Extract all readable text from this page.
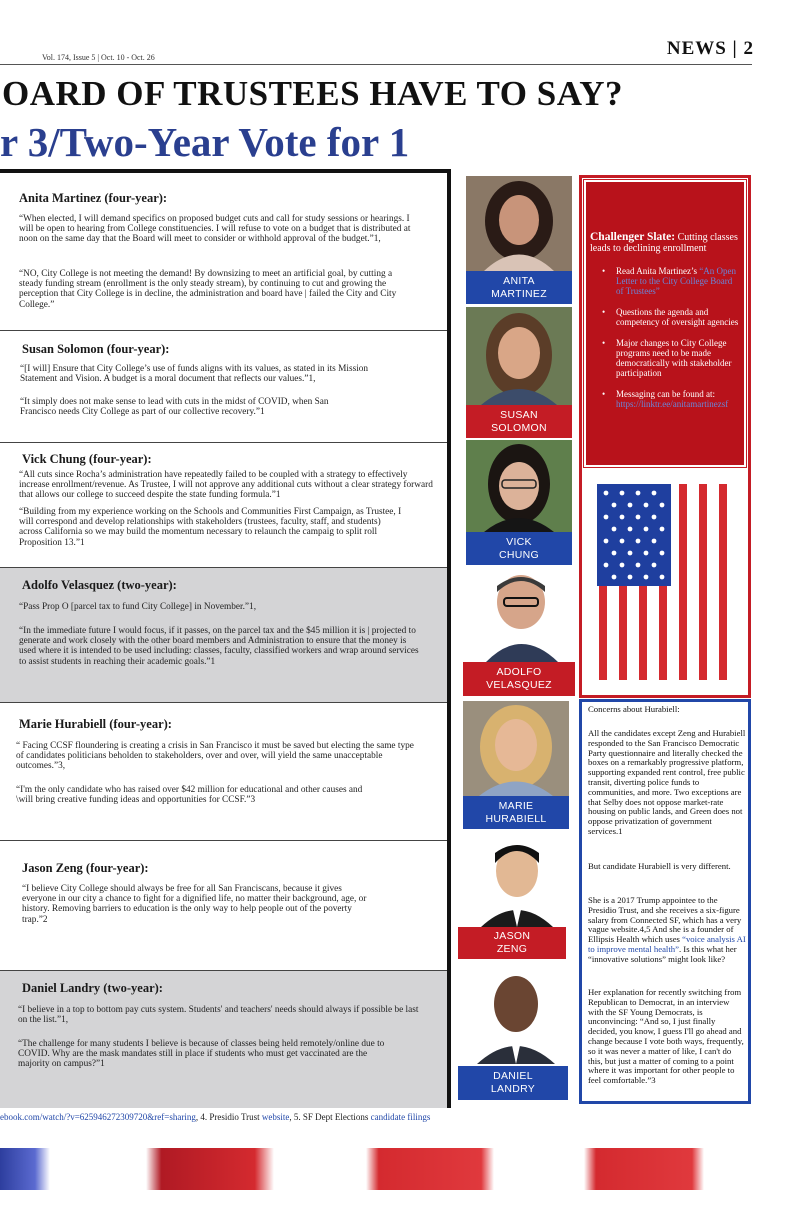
Vol. 174, Issue 5 | Oct. 10 - Oct. 26	NEWS | 2
OARD OF TRUSTEES HAVE TO SAY?
r 3/Two-Year Vote for 1
Anita Martinez (four-year):

“When elected, I will demand specifics on proposed budget cuts and call for study sessions or hearings. I will be open to hearing from College constituencies. I will refuse to vote on a budget that is distributed at noon on the same day that the Board will meet to consider or withhold approval of the budget.”1,

“NO, City College is not meeting the demand! By downsizing to meet an artificial goal, by cutting a steady funding stream (enrollment is the only steady stream), by continuing to cut and growing the perception that City College is in decline, the administration and board have | failed the City and City College.”

Susan Solomon (four-year):

“[I will] Ensure that City College’s use of funds aligns with its values, as stated in its Mission Statement and Vision. A budget is a moral document that reflects our values.”1,

“It simply does not make sense to lead with cuts in the midst of COVID, when San Francisco needs City College as part of our collective recovery.”1

Vick Chung (four-year):

“All cuts since Rocha’s administration have repeatedly failed to be coupled with a strategy to effectively increase enrollment/revenue. As Trustee, I will not approve any additional cuts without a clear strategy forward that allows our college to succeed despite the state funding formula.”1

“Building from my experience working on the Schools and Communities First Campaign, as Trustee, I will correspond and develop relationships with stakeholders (trustees, faculty, staff, and students) across California so we may build the momentum necessary to relaunch the campaig to split roll Proposition 13.”1

Adolfo Velasquez (two-year):

“Pass Prop O [parcel tax to fund City College] in November.”1,

“In the immediate future I would focus, if it passes, on the parcel tax and the $45 million it is | projected to generate and work closely with the other board members and Administration to ensure that the money is used where it is intended to be used including: classes, faculty, classified workers and wrap around services to assist students in reaching their academic goals.”1

Marie Hurabiell (four-year):

“ Facing CCSF floundering is creating a crisis in San Francisco it must be saved but electing the same type of candidates politicians beholden to stakeholders, over and over, will yield the same unacceptable outcomes.”3,

“I'm the only candidate who has raised over $42 million for educational and other causes and \will bring creative funding ideas and opportunities for CCSF.”3

Jason Zeng (four-year):

“I believe City College should always be free for all San Franciscans, because it gives everyone in our city a chance to fight for a dignified life, no matter their background, age, or history. Removing barriers to education is the only way to help people out of the poverty trap.”2

Daniel Landry (two-year):

“I believe in a top to bottom pay cuts system. Students' and teachers' needs should always if possible be last on the list.”1,

“The challenge for many students I believe is because of classes being held remotely/online due to COVID. Why are the mask mandates still in place if students who must get vaccinated are the majority on campus?”1

ANITA
MARTINEZ
SUSAN
SOLOMON
VICK
CHUNG
ADOLFO
VELASQUEZ
MARIE
HURABIELL
JASON
ZENG
DANIEL
LANDRY
Challenger Slate: Cutting classes leads to declining enrollment
• Read Anita Martinez’s “An Open Letter to the City College Board of Trustees”
• Questions the agenda and competency of oversight agencies
• Major changes to City College programs need to be made democratically with stakeholder participation
• Messaging can be found at: https://linktr.ee/anitamartinezsf

Concerns about Hurabiell:

All the candidates except Zeng and Hurabiell responded to the San Francisco Democratic Party questionnaire and literally checked the boxes on a remarkably progressive platform, supporting expanded rent control, free public transit, diverting police funds to communities, and more. Two exceptions are that Selby does not oppose market-rate housing on public lands, and Green does not oppose privatization of government services.1

But candidate Hurabiell is very different.

She is a 2017 Trump appointee to the Presidio Trust, and she receives a six-figure salary from Connected SF, which has a very vague website.4,5 And she is a founder of Ellipsis Health which uses “voice analysis AI to improve mental health”. Is this what her “innovative solutions” might look like?

Her explanation for recently switching from Republican to Democrat, in an interview with the SF Young Democrats, is unconvincing: “And so, I just finally decided, you know, I guess I'll go ahead and change because I vote both ways, frequently, so it was never a matter of like, I can't do this, but just a matter of coming to a point where it was important for other people to feel comfortable.”3

ebook.com/watch/?v=625946272309720&ref=sharing, 4. Presidio Trust website, 5. SF Dept Elections candidate filings
